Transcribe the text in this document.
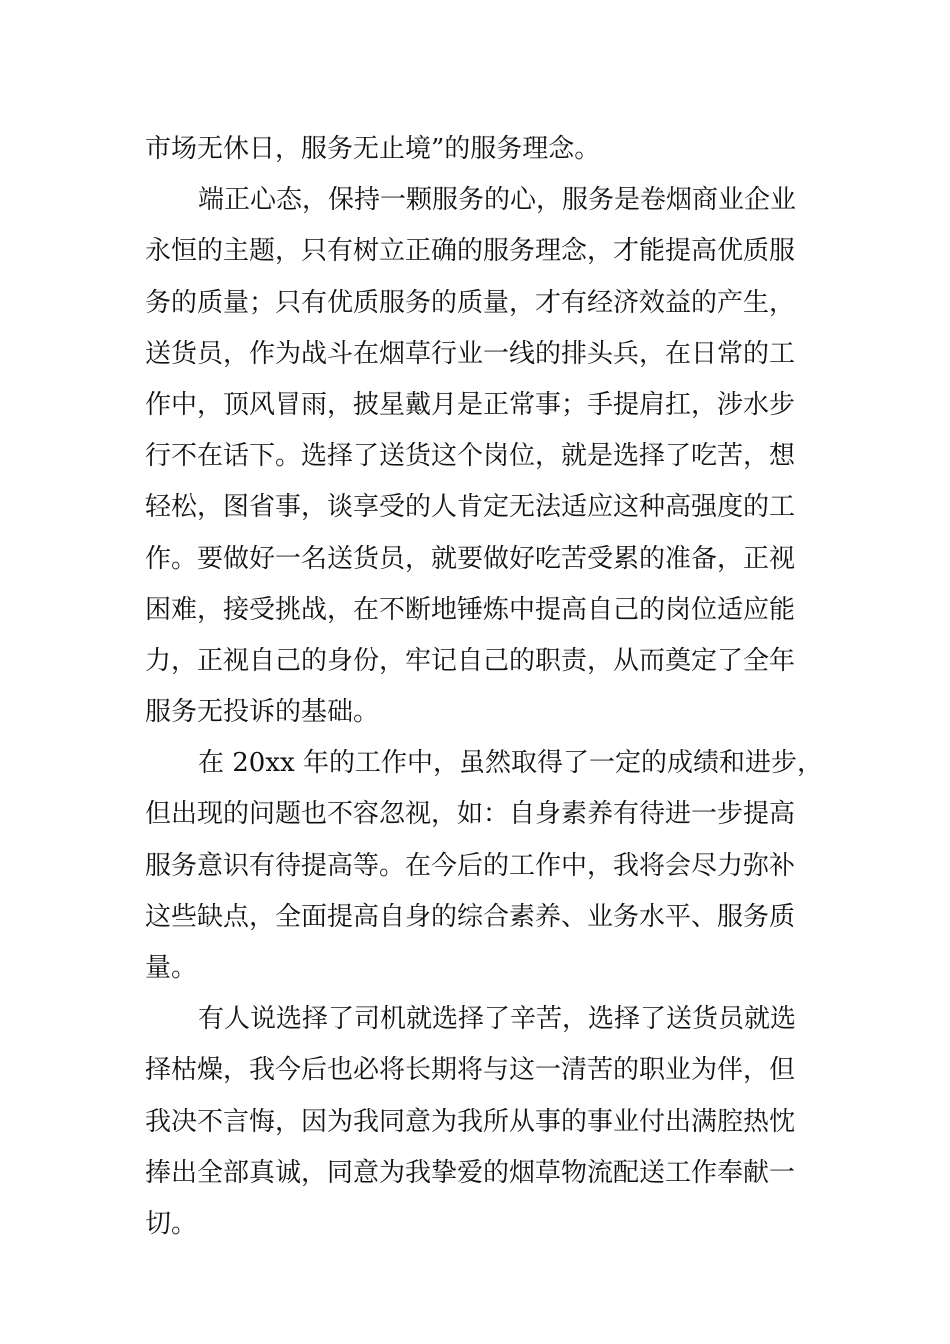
市场无休日，服务无止境”的服务理念。
端正心态，保持一颗服务的心，服务是卷烟商业企业
永恒的主题，只有树立正确的服务理念，才能提高优质服
务的质量；只有优质服务的质量，才有经济效益的产生，
送货员，作为战斗在烟草行业一线的排头兵，在日常的工
作中，顶风冒雨，披星戴月是正常事；手提肩扛，涉水步
行不在话下。选择了送货这个岗位，就是选择了吃苦，想
轻松，图省事，谈享受的人肯定无法适应这种高强度的工
作。要做好一名送货员，就要做好吃苦受累的准备，正视
困难，接受挑战，在不断地锤炼中提高自己的岗位适应能
力，正视自己的身份，牢记自己的职责，从而奠定了全年
服务无投诉的基础。
在 20xx 年的工作中，虽然取得了一定的成绩和进步，
但出现的问题也不容忽视，如：自身素养有待进一步提高
服务意识有待提高等。在今后的工作中，我将会尽力弥补
这些缺点，全面提高自身的综合素养、业务水平、服务质
量。
有人说选择了司机就选择了辛苦，选择了送货员就选
择枯燥，我今后也必将长期将与这一清苦的职业为伴，但
我决不言悔，因为我同意为我所从事的事业付出满腔热忱
捧出全部真诚，同意为我挚爱的烟草物流配送工作奉献一
切。
